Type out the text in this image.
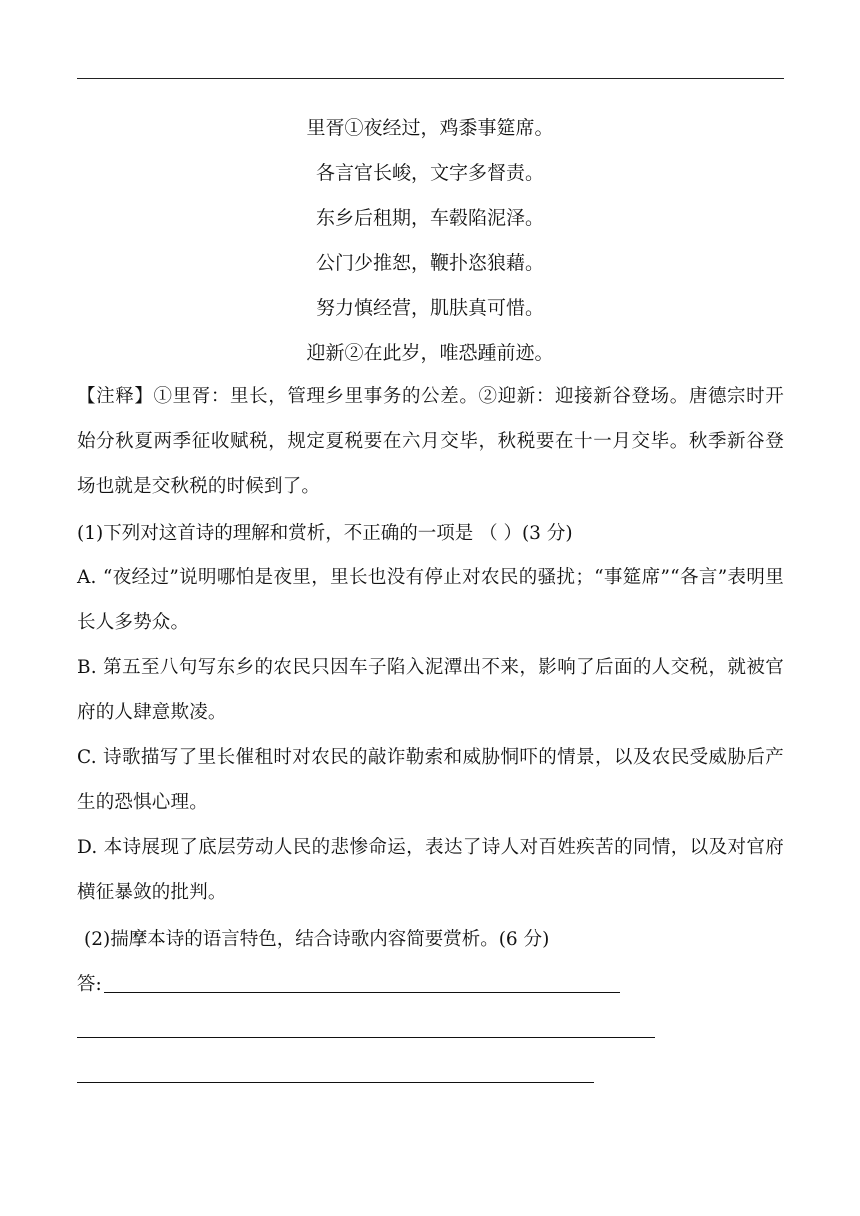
里胥①夜经过，鸡黍事筵席。
各言官长峻，文字多督责。
东乡后租期，车毂陷泥泽。
公门少推恕，鞭扑恣狼藉。
努力慎经营，肌肤真可惜。
迎新②在此岁，唯恐踵前迹。
【注释】①里胥：里长，管理乡里事务的公差。②迎新：迎接新谷登场。唐德宗时开始分秋夏两季征收赋税，规定夏税要在六月交毕，秋税要在十一月交毕。秋季新谷登场也就是交秋税的时候到了。
(1)下列对这首诗的理解和赏析，不正确的一项是 （ ）(3 分)
A. “夜经过”说明哪怕是夜里，里长也没有停止对农民的骚扰；“事筵席”“各言”表明里长人多势众。
B. 第五至八句写东乡的农民只因车子陷入泥潭出不来，影响了后面的人交税，就被官府的人肆意欺凌。
C. 诗歌描写了里长催租时对农民的敲诈勒索和威胁恫吓的情景，以及农民受威胁后产生的恐惧心理。
D. 本诗展现了底层劳动人民的悲惨命运，表达了诗人对百姓疾苦的同情，以及对官府横征暴敛的批判。
(2)揣摩本诗的语言特色，结合诗歌内容简要赏析。(6 分)
答:
